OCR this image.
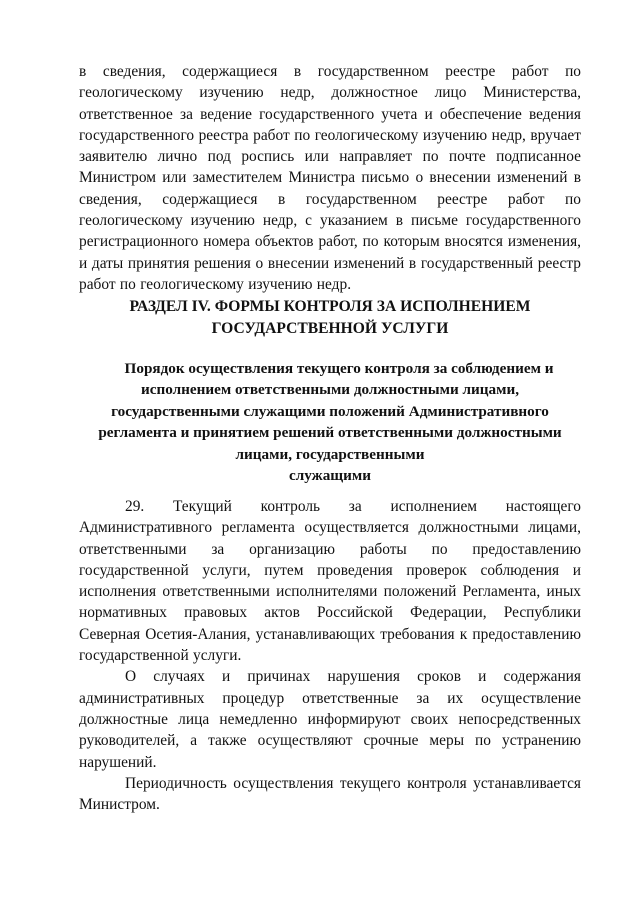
в сведения, содержащиеся в государственном реестре работ по геологическому изучению недр, должностное лицо Министерства, ответственное за ведение государственного учета и обеспечение ведения государственного реестра работ по геологическому изучению недр, вручает заявителю лично под роспись или направляет по почте подписанное Министром или заместителем Министра письмо о внесении изменений в сведения, содержащиеся в государственном реестре работ по геологическому изучению недр, с указанием в письме государственного регистрационного номера объектов работ, по которым вносятся изменения, и даты принятия решения о внесении изменений в государственный реестр работ по геологическому изучению недр.

РАЗДЕЛ IV. ФОРМЫ КОНТРОЛЯ ЗА ИСПОЛНЕНИЕМ
ГОСУДАРСТВЕННОЙ УСЛУГИ
Порядок осуществления текущего контроля за соблюдением и
исполнением ответственными должностными лицами,
государственными служащими положений Административного
регламента и принятием решений ответственными должностными
лицами, государственными
служащими

29. Текущий контроль за исполнением настоящего Административного регламента осуществляется должностными лицами, ответственными за организацию работы по предоставлению государственной услуги, путем проведения проверок соблюдения и исполнения ответственными исполнителями положений Регламента, иных нормативных правовых актов Российской Федерации, Республики Северная Осетия-Алания, устанавливающих требования к предоставлению государственной услуги.

О случаях и причинах нарушения сроков и содержания административных процедур ответственные за их осуществление должностные лица немедленно информируют своих непосредственных руководителей, а также осуществляют срочные меры по устранению нарушений.

Периодичность осуществления текущего контроля устанавливается Министром.
